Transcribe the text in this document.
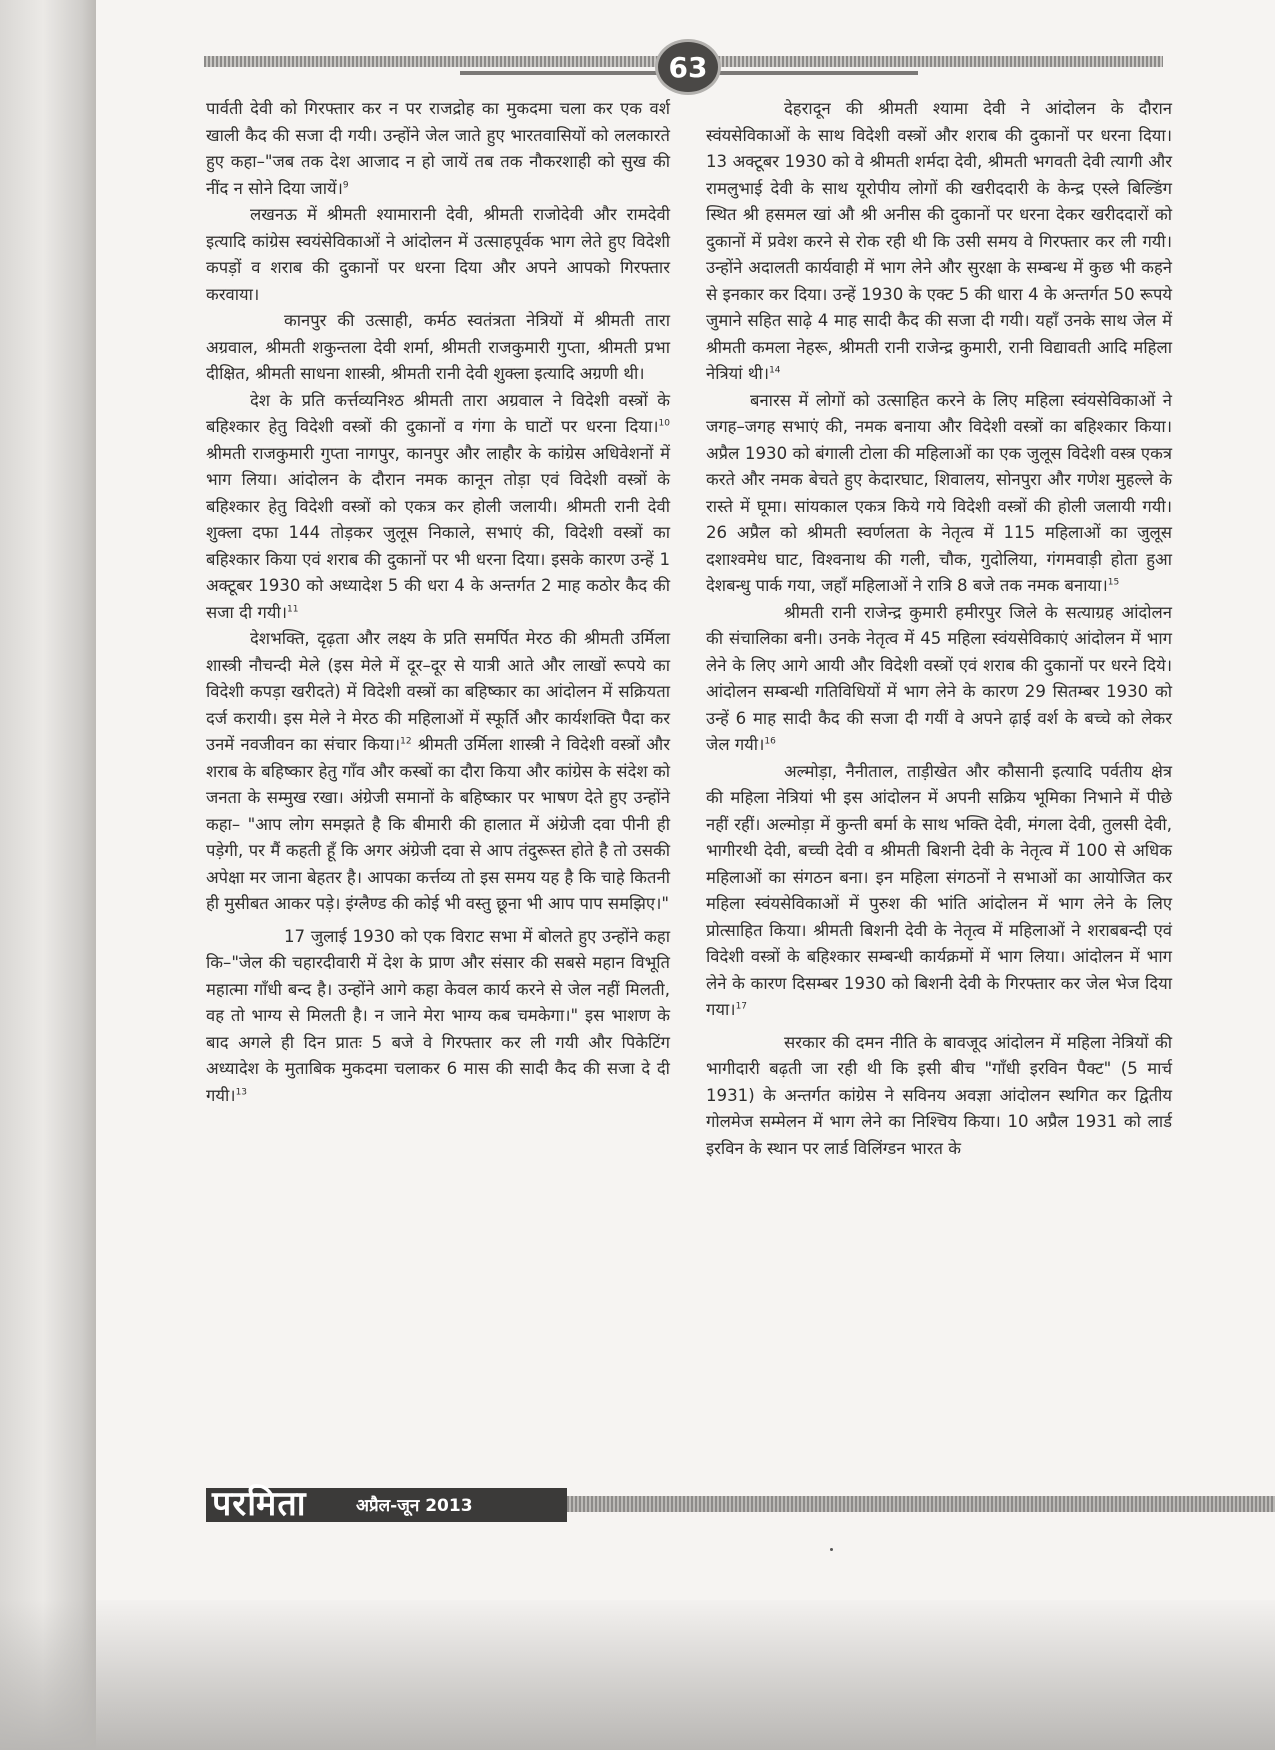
63

पार्वती देवी को गिरफ्तार कर न पर राजद्रोह का मुकदमा चला कर एक वर्श खाली कैद की सजा दी गयी। उन्होंने जेल जाते हुए भारतवासियों को ललकारते हुए कहा–"जब तक देश आजाद न हो जायें तब तक नौकरशाही को सुख की नींद न सोने दिया जायें।$^9$

लखनऊ में श्रीमती श्यामारानी देवी, श्रीमती राजोदेवी और रामदेवी इत्यादि कांग्रेस स्वयंसेविकाओं ने आंदोलन में उत्साहपूर्वक भाग लेते हुए विदेशी कपड़ों व शराब की दुकानों पर धरना दिया और अपने आपको गिरफ्तार करवाया।

कानपुर की उत्साही, कर्मठ स्वतंत्रता नेत्रियों में श्रीमती तारा अग्रवाल, श्रीमती शकुन्तला देवी शर्मा, श्रीमती राजकुमारी गुप्ता, श्रीमती प्रभा दीक्षित, श्रीमती साधना शास्त्री, श्रीमती रानी देवी शुक्ला इत्यादि अग्रणी थी।

देश के प्रति कर्त्तव्यनिश्ठ श्रीमती तारा अग्रवाल ने विदेशी वस्त्रों के बहिश्कार हेतु विदेशी वस्त्रों की दुकानों व गंगा के घाटों पर धरना दिया।$^{10}$ श्रीमती राजकुमारी गुप्ता नागपुर, कानपुर और लाहौर के कांग्रेस अधिवेशनों में भाग लिया। आंदोलन के दौरान नमक कानून तोड़ा एवं विदेशी वस्त्रों के बहिश्कार हेतु विदेशी वस्त्रों को एकत्र कर होली जलायी। श्रीमती रानी देवी शुक्ला दफा 144 तोड़कर जुलूस निकाले, सभाएं की, विदेशी वस्त्रों का बहिश्कार किया एवं शराब की दुकानों पर भी धरना दिया। इसके कारण उन्हें 1 अक्टूबर 1930 को अध्यादेश 5 की धरा 4 के अन्तर्गत 2 माह कठोर कैद की सजा दी गयी।$^{11}$

देशभक्ति, दृढ़ता और लक्ष्य के प्रति समर्पित मेरठ की श्रीमती उर्मिला शास्त्री नौचन्दी मेले (इस मेले में दूर–दूर से यात्री आते और लाखों रूपये का विदेशी कपड़ा खरीदते) में विदेशी वस्त्रों का बहिष्कार का आंदोलन में सक्रियता दर्ज करायी। इस मेले ने मेरठ की महिलाओं में स्फूर्ति और कार्यशक्ति पैदा कर उनमें नवजीवन का संचार किया।$^{12}$ श्रीमती उर्मिला शास्त्री ने विदेशी वस्त्रों और शराब के बहिष्कार हेतु गाँव और कस्बों का दौरा किया और कांग्रेस के संदेश को जनता के सम्मुख रखा। अंग्रेजी समानों के बहिष्कार पर भाषण देते हुए उन्होंने कहा– "आप लोग समझते है कि बीमारी की हालात में अंग्रेजी दवा पीनी ही पड़ेगी, पर मैं कहती हूँ कि अगर अंग्रेजी दवा से आप तंदुरूस्त होते है तो उसकी अपेक्षा मर जाना बेहतर है। आपका कर्त्तव्य तो इस समय यह है कि चाहे कितनी ही मुसीबत आकर पड़े। इंग्लैण्ड की कोई भी वस्तु छूना भी आप पाप समझिए।"

17 जुलाई 1930 को एक विराट सभा में बोलते हुए उन्होंने कहा कि–"जेल की चहारदीवारी में देश के प्राण और संसार की सबसे महान विभूति महात्मा गाँधी बन्द है। उन्होंने आगे कहा केवल कार्य करने से जेल नहीं मिलती, वह तो भाग्य से मिलती है। न जाने मेरा भाग्य कब चमकेगा।" इस भाशण के बाद अगले ही दिन प्रातः 5 बजे वे गिरफ्तार कर ली गयी और पिकेटिंग अध्यादेश के मुताबिक मुकदमा चलाकर 6 मास की सादी कैद की सजा दे दी गयी।$^{13}$

देहरादून की श्रीमती श्यामा देवी ने आंदोलन के दौरान स्वंयसेविकाओं के साथ विदेशी वस्त्रों और शराब की दुकानों पर धरना दिया। 13 अक्टूबर 1930 को वे श्रीमती शर्मदा देवी, श्रीमती भगवती देवी त्यागी और रामलुभाई देवी के साथ यूरोपीय लोगों की खरीददारी के केन्द्र एस्ले बिल्डिंग स्थित श्री हसमल खां औ श्री अनीस की दुकानों पर धरना देकर खरीददारों को दुकानों में प्रवेश करने से रोक रही थी कि उसी समय वे गिरफ्तार कर ली गयी। उन्होंने अदालती कार्यवाही में भाग लेने और सुरक्षा के सम्बन्ध में कुछ भी कहने से इनकार कर दिया। उन्हें 1930 के एक्ट 5 की धारा 4 के अन्तर्गत 50 रूपये जुमाने सहित साढ़े 4 माह सादी कैद की सजा दी गयी। यहाँ उनके साथ जेल में श्रीमती कमला नेहरू, श्रीमती रानी राजेन्द्र कुमारी, रानी विद्यावती आदि महिला नेत्रियां थी।$^{14}$

बनारस में लोगों को उत्साहित करने के लिए महिला स्वंयसेविकाओं ने जगह–जगह सभाएं की, नमक बनाया और विदेशी वस्त्रों का बहिश्कार किया। अप्रैल 1930 को बंगाली टोला की महिलाओं का एक जुलूस विदेशी वस्त्र एकत्र करते और नमक बेचते हुए केदारघाट, शिवालय, सोनपुरा और गणेश मुहल्ले के रास्ते में घूमा। सांयकाल एकत्र किये गये विदेशी वस्त्रों की होली जलायी गयी। 26 अप्रैल को श्रीमती स्वर्णलता के नेतृत्व में 115 महिलाओं का जुलूस दशाश्वमेध घाट, विश्वनाथ की गली, चौक, गुदोलिया, गंगमवाड़ी होता हुआ देशबन्धु पार्क गया, जहाँ महिलाओं ने रात्रि 8 बजे तक नमक बनाया।$^{15}$

श्रीमती रानी राजेन्द्र कुमारी हमीरपुर जिले के सत्याग्रह आंदोलन की संचालिका बनी। उनके नेतृत्व में 45 महिला स्वंयसेविकाएं आंदोलन में भाग लेने के लिए आगे आयी और विदेशी वस्त्रों एवं शराब की दुकानों पर धरने दिये। आंदोलन सम्बन्धी गतिविधियों में भाग लेने के कारण 29 सितम्बर 1930 को उन्हें 6 माह सादी कैद की सजा दी गयीं वे अपने ढ़ाई वर्श के बच्चे को लेकर जेल गयी।$^{16}$

अल्मोड़ा, नैनीताल, ताड़ीखेत और कौसानी इत्यादि पर्वतीय क्षेत्र की महिला नेत्रियां भी इस आंदोलन में अपनी सक्रिय भूमिका निभाने में पीछे नहीं रहीं। अल्मोड़ा में कुन्ती बर्मा के साथ भक्ति देवी, मंगला देवी, तुलसी देवी, भागीरथी देवी, बच्ची देवी व श्रीमती बिशनी देवी के नेतृत्व में 100 से अधिक महिलाओं का संगठन बना। इन महिला संगठनों ने सभाओं का आयोजित कर महिला स्वंयसेविकाओं में पुरुश की भांति आंदोलन में भाग लेने के लिए प्रोत्साहित किया। श्रीमती बिशनी देवी के नेतृत्व में महिलाओं ने शराबबन्दी एवं विदेशी वस्त्रों के बहिश्कार सम्बन्धी कार्यक्रमों में भाग लिया। आंदोलन में भाग लेने के कारण दिसम्बर 1930 को बिशनी देवी के गिरफ्तार कर जेल भेज दिया गया।$^{17}$

सरकार की दमन नीति के बावजूद आंदोलन में महिला नेत्रियों की भागीदारी बढ़ती जा रही थी कि इसी बीच "गाँधी इरविन पैक्ट" (5 मार्च 1931) के अन्तर्गत कांग्रेस ने सविनय अवज्ञा आंदोलन स्थगित कर द्वितीय गोलमेज सम्मेलन में भाग लेने का निश्चिय किया। 10 अप्रैल 1931 को लार्ड इरविन के स्थान पर लार्ड विलिंग्डन भारत के

परमिता	अप्रैल-जून 2013
